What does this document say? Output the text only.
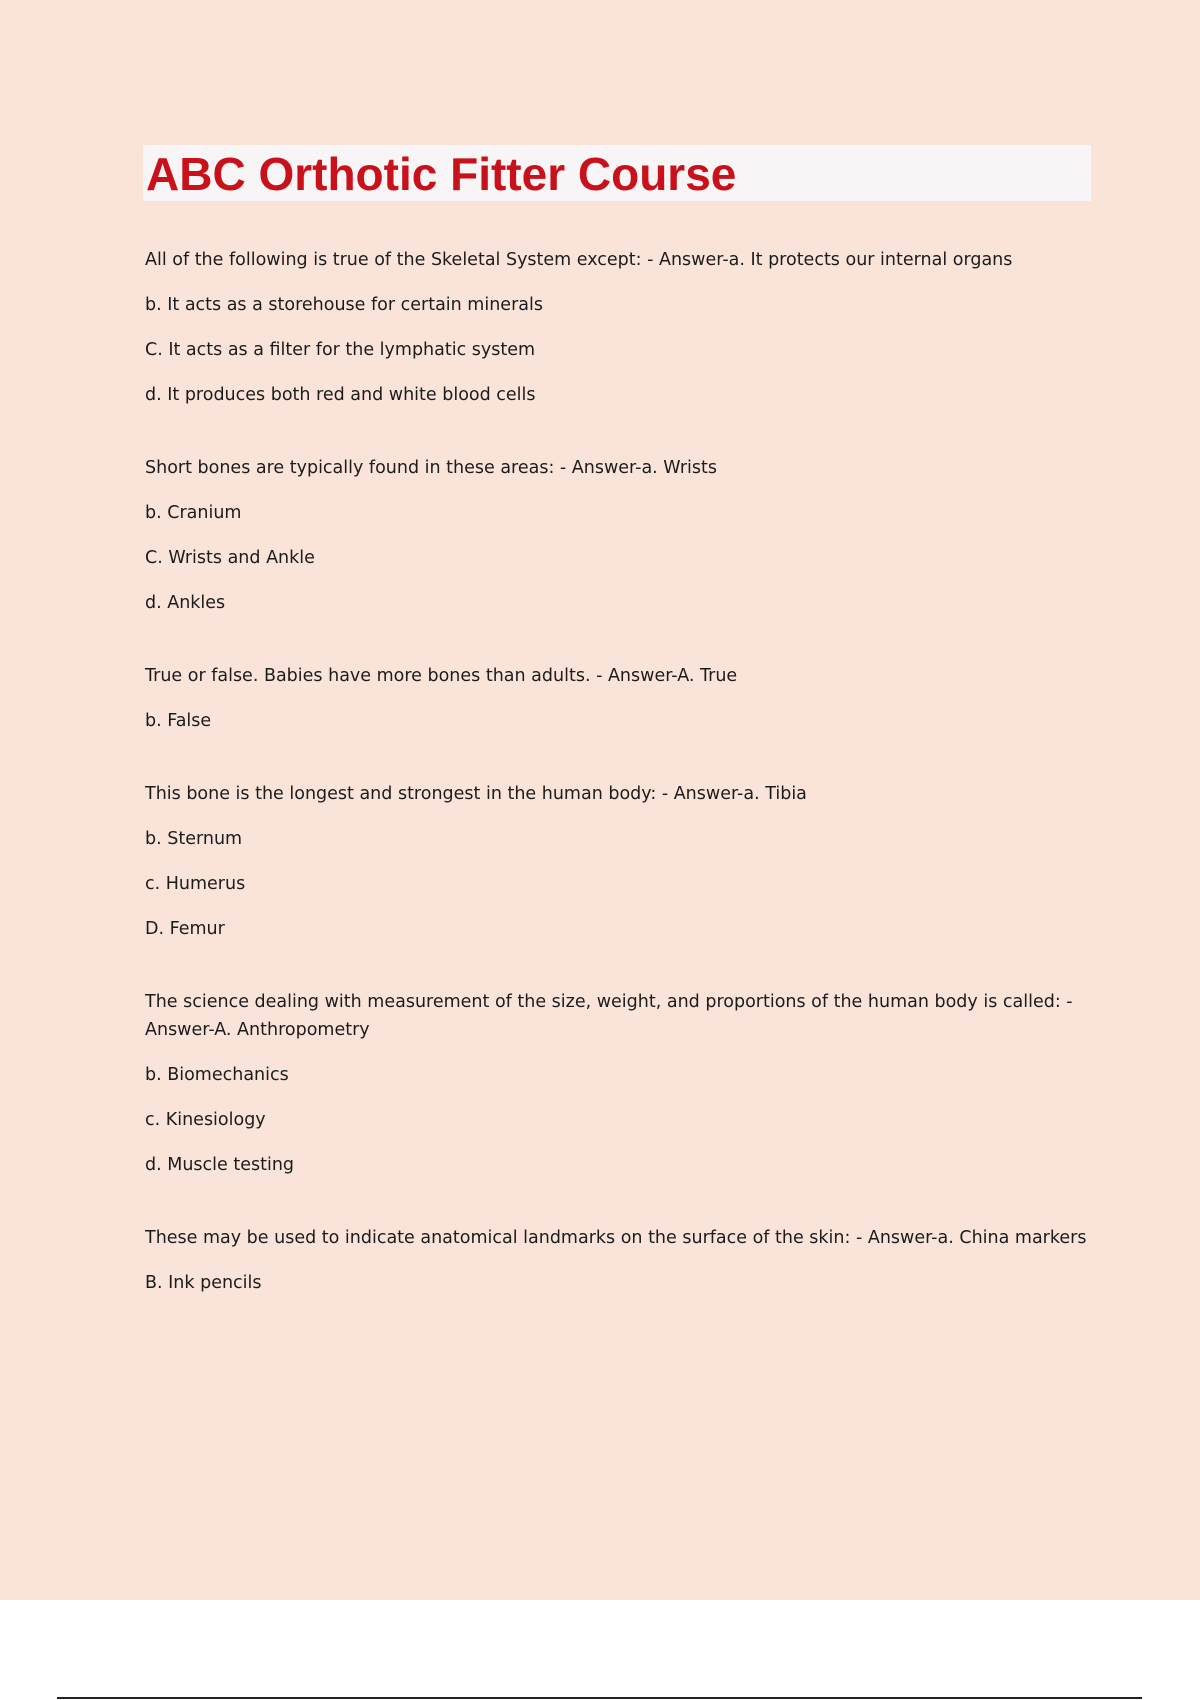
ABC Orthotic Fitter Course
All of the following is true of the Skeletal System except: - Answer-a. It protects our internal organs
b. It acts as a storehouse for certain minerals
C. It acts as a filter for the lymphatic system
d. It produces both red and white blood cells
Short bones are typically found in these areas: - Answer-a. Wrists
b. Cranium
C. Wrists and Ankle
d. Ankles
True or false. Babies have more bones than adults. - Answer-A. True
b. False
This bone is the longest and strongest in the human body: - Answer-a. Tibia
b. Sternum
c. Humerus
D. Femur
The science dealing with measurement of the size, weight, and proportions of the human body is called: - Answer-A. Anthropometry
b. Biomechanics
c. Kinesiology
d. Muscle testing
These may be used to indicate anatomical landmarks on the surface of the skin: - Answer-a. China markers
B. Ink pencils
